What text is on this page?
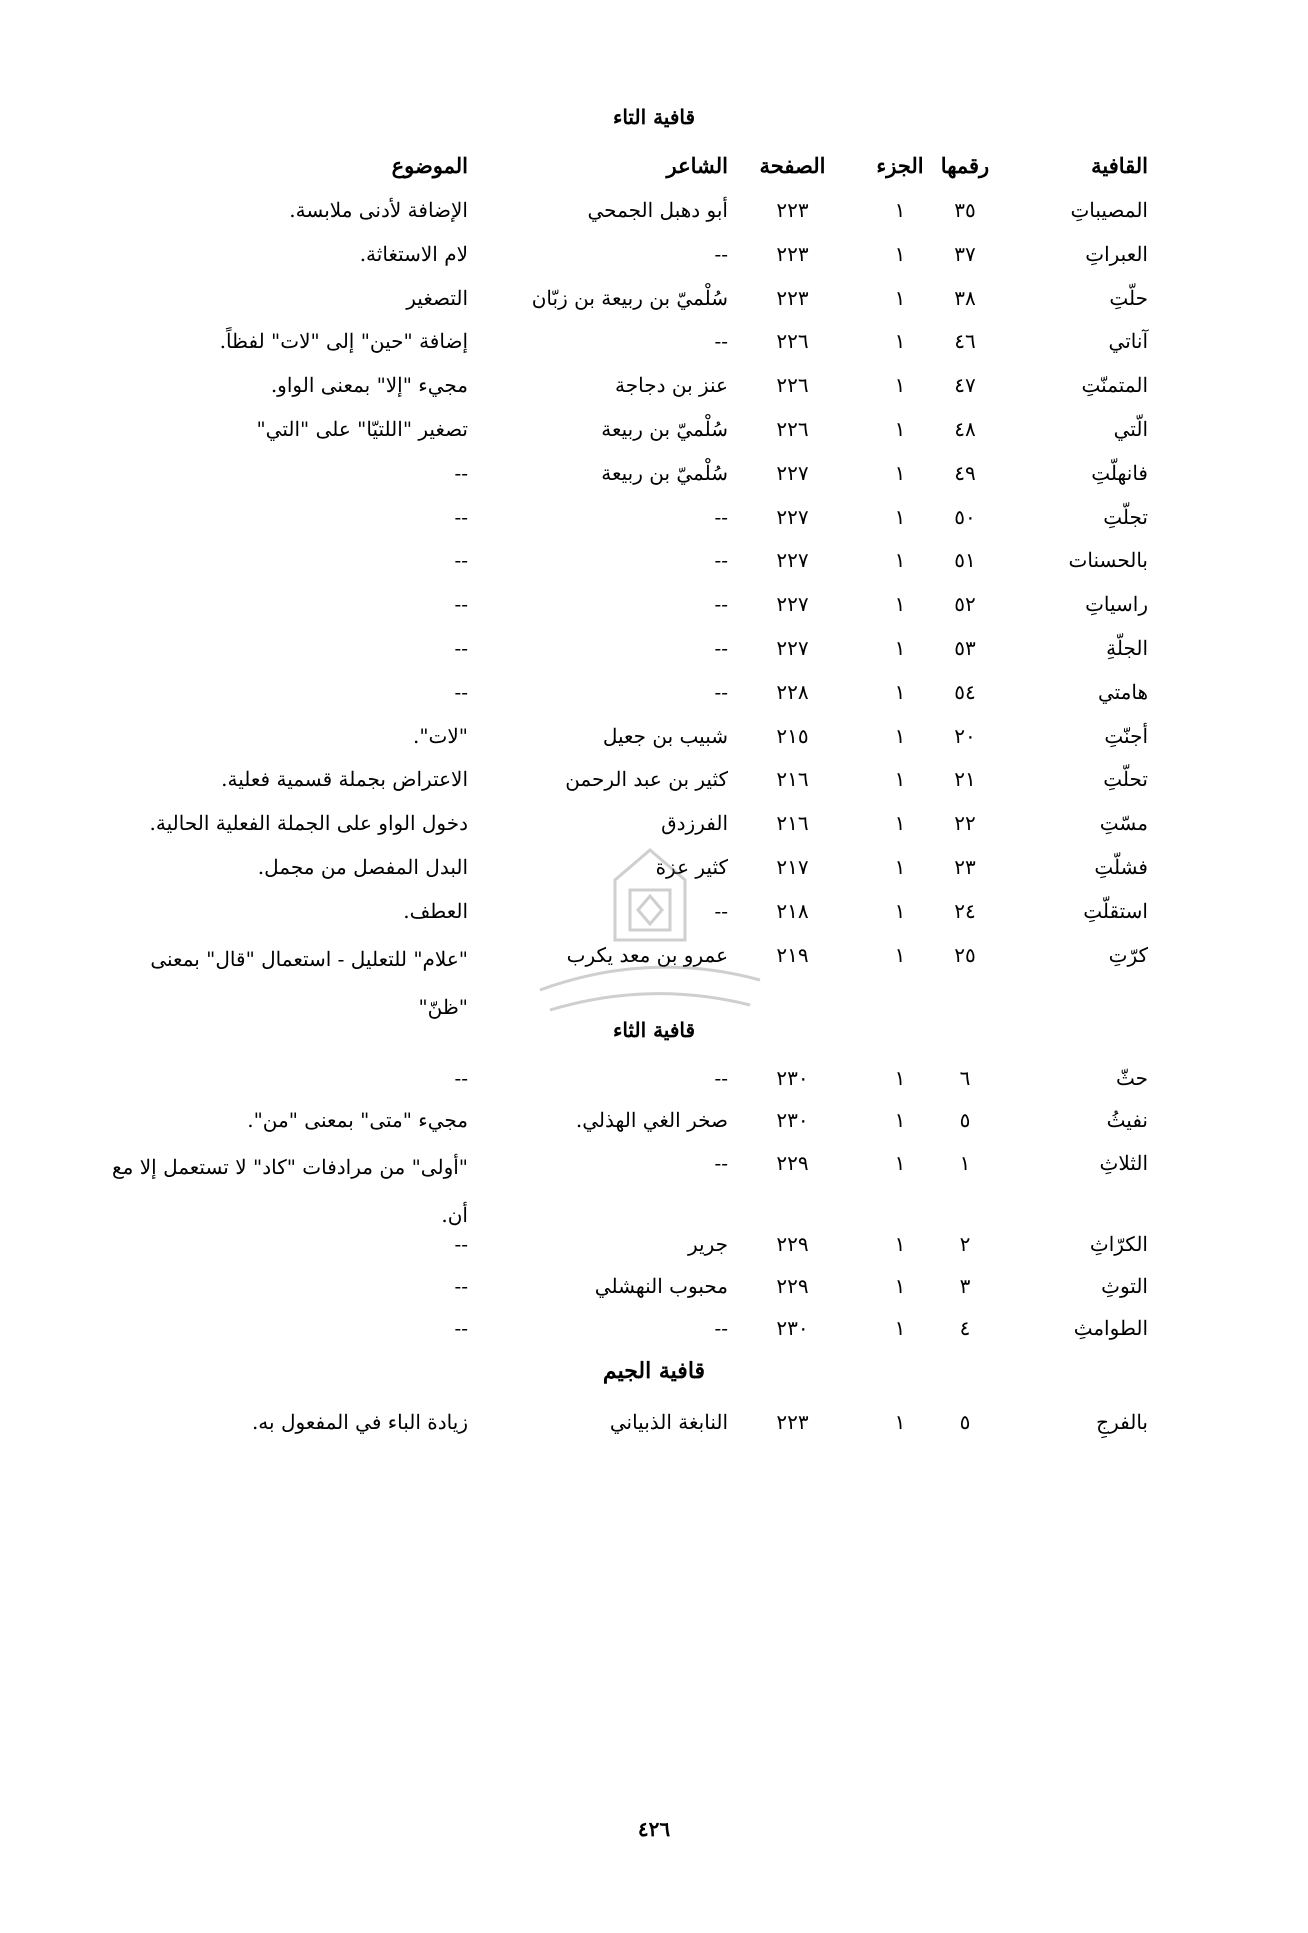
قافية التاء
القافية
رقمها
الجزء
الصفحة
الشاعر
الموضوع
المصيباتِ
٣٥
١
٢٢٣
أبو دهبل الجمحي
الإضافة لأدنى ملابسة.
العبراتِ
٣٧
١
٢٢٣
--
لام الاستغاثة.
حلّتِ
٣٨
١
٢٢٣
سُلْميّ بن ربيعة بن زبّان
التصغير
آناتي
٤٦
١
٢٢٦
--
إضافة "حين" إلى "لات" لفظاً.
المتمنّتِ
٤٧
١
٢٢٦
عنز بن دجاجة
مجيء "إلا" بمعنى الواو.
الّتي
٤٨
١
٢٢٦
سُلْميّ بن ربيعة
تصغير "اللتيّا" على "التي"
فانهلّتِ
٤٩
١
٢٢٧
سُلْميّ بن ربيعة
--
تجلّتِ
٥٠
١
٢٢٧
--
--
بالحسنات
٥١
١
٢٢٧
--
--
راسياتِ
٥٢
١
٢٢٧
--
--
الجلّةِ
٥٣
١
٢٢٧
--
--
هامتي
٥٤
١
٢٢٨
--
--
أجنّتِ
٢٠
١
٢١٥
شبيب بن جعيل
"لات".
تحلّتِ
٢١
١
٢١٦
كثير بن عبد الرحمن
الاعتراض بجملة قسمية فعلية.
مسّتِ
٢٢
١
٢١٦
الفرزدق
دخول الواو على الجملة الفعلية الحالية.
فشلّتِ
٢٣
١
٢١٧
كثير عزة
البدل المفصل من مجمل.
استقلّتِ
٢٤
١
٢١٨
--
العطف.
كرّتِ
٢٥
١
٢١٩
عمرو بن معد يكرب
"علام" للتعليل - استعمال "قال" بمعنى "ظنّ"
قافية الثاء
حثّ
٦
١
٢٣٠
--
--
نفيثُ
٥
١
٢٣٠
صخر الغي الهذلي.
مجيء "متى" بمعنى "من".
الثلاثِ
١
١
٢٢٩
--
"أولى" من مرادفات "كاد" لا تستعمل إلا مع أن.
الكرّاثِ
٢
١
٢٢٩
جرير
--
التوثِ
٣
١
٢٢٩
محبوب النهشلي
--
الطوامثِ
٤
١
٢٣٠
--
--
قافية الجيم
بالفرجِ
٥
١
٢٢٣
النابغة الذبياني
زيادة الباء في المفعول به.
٤٢٦
